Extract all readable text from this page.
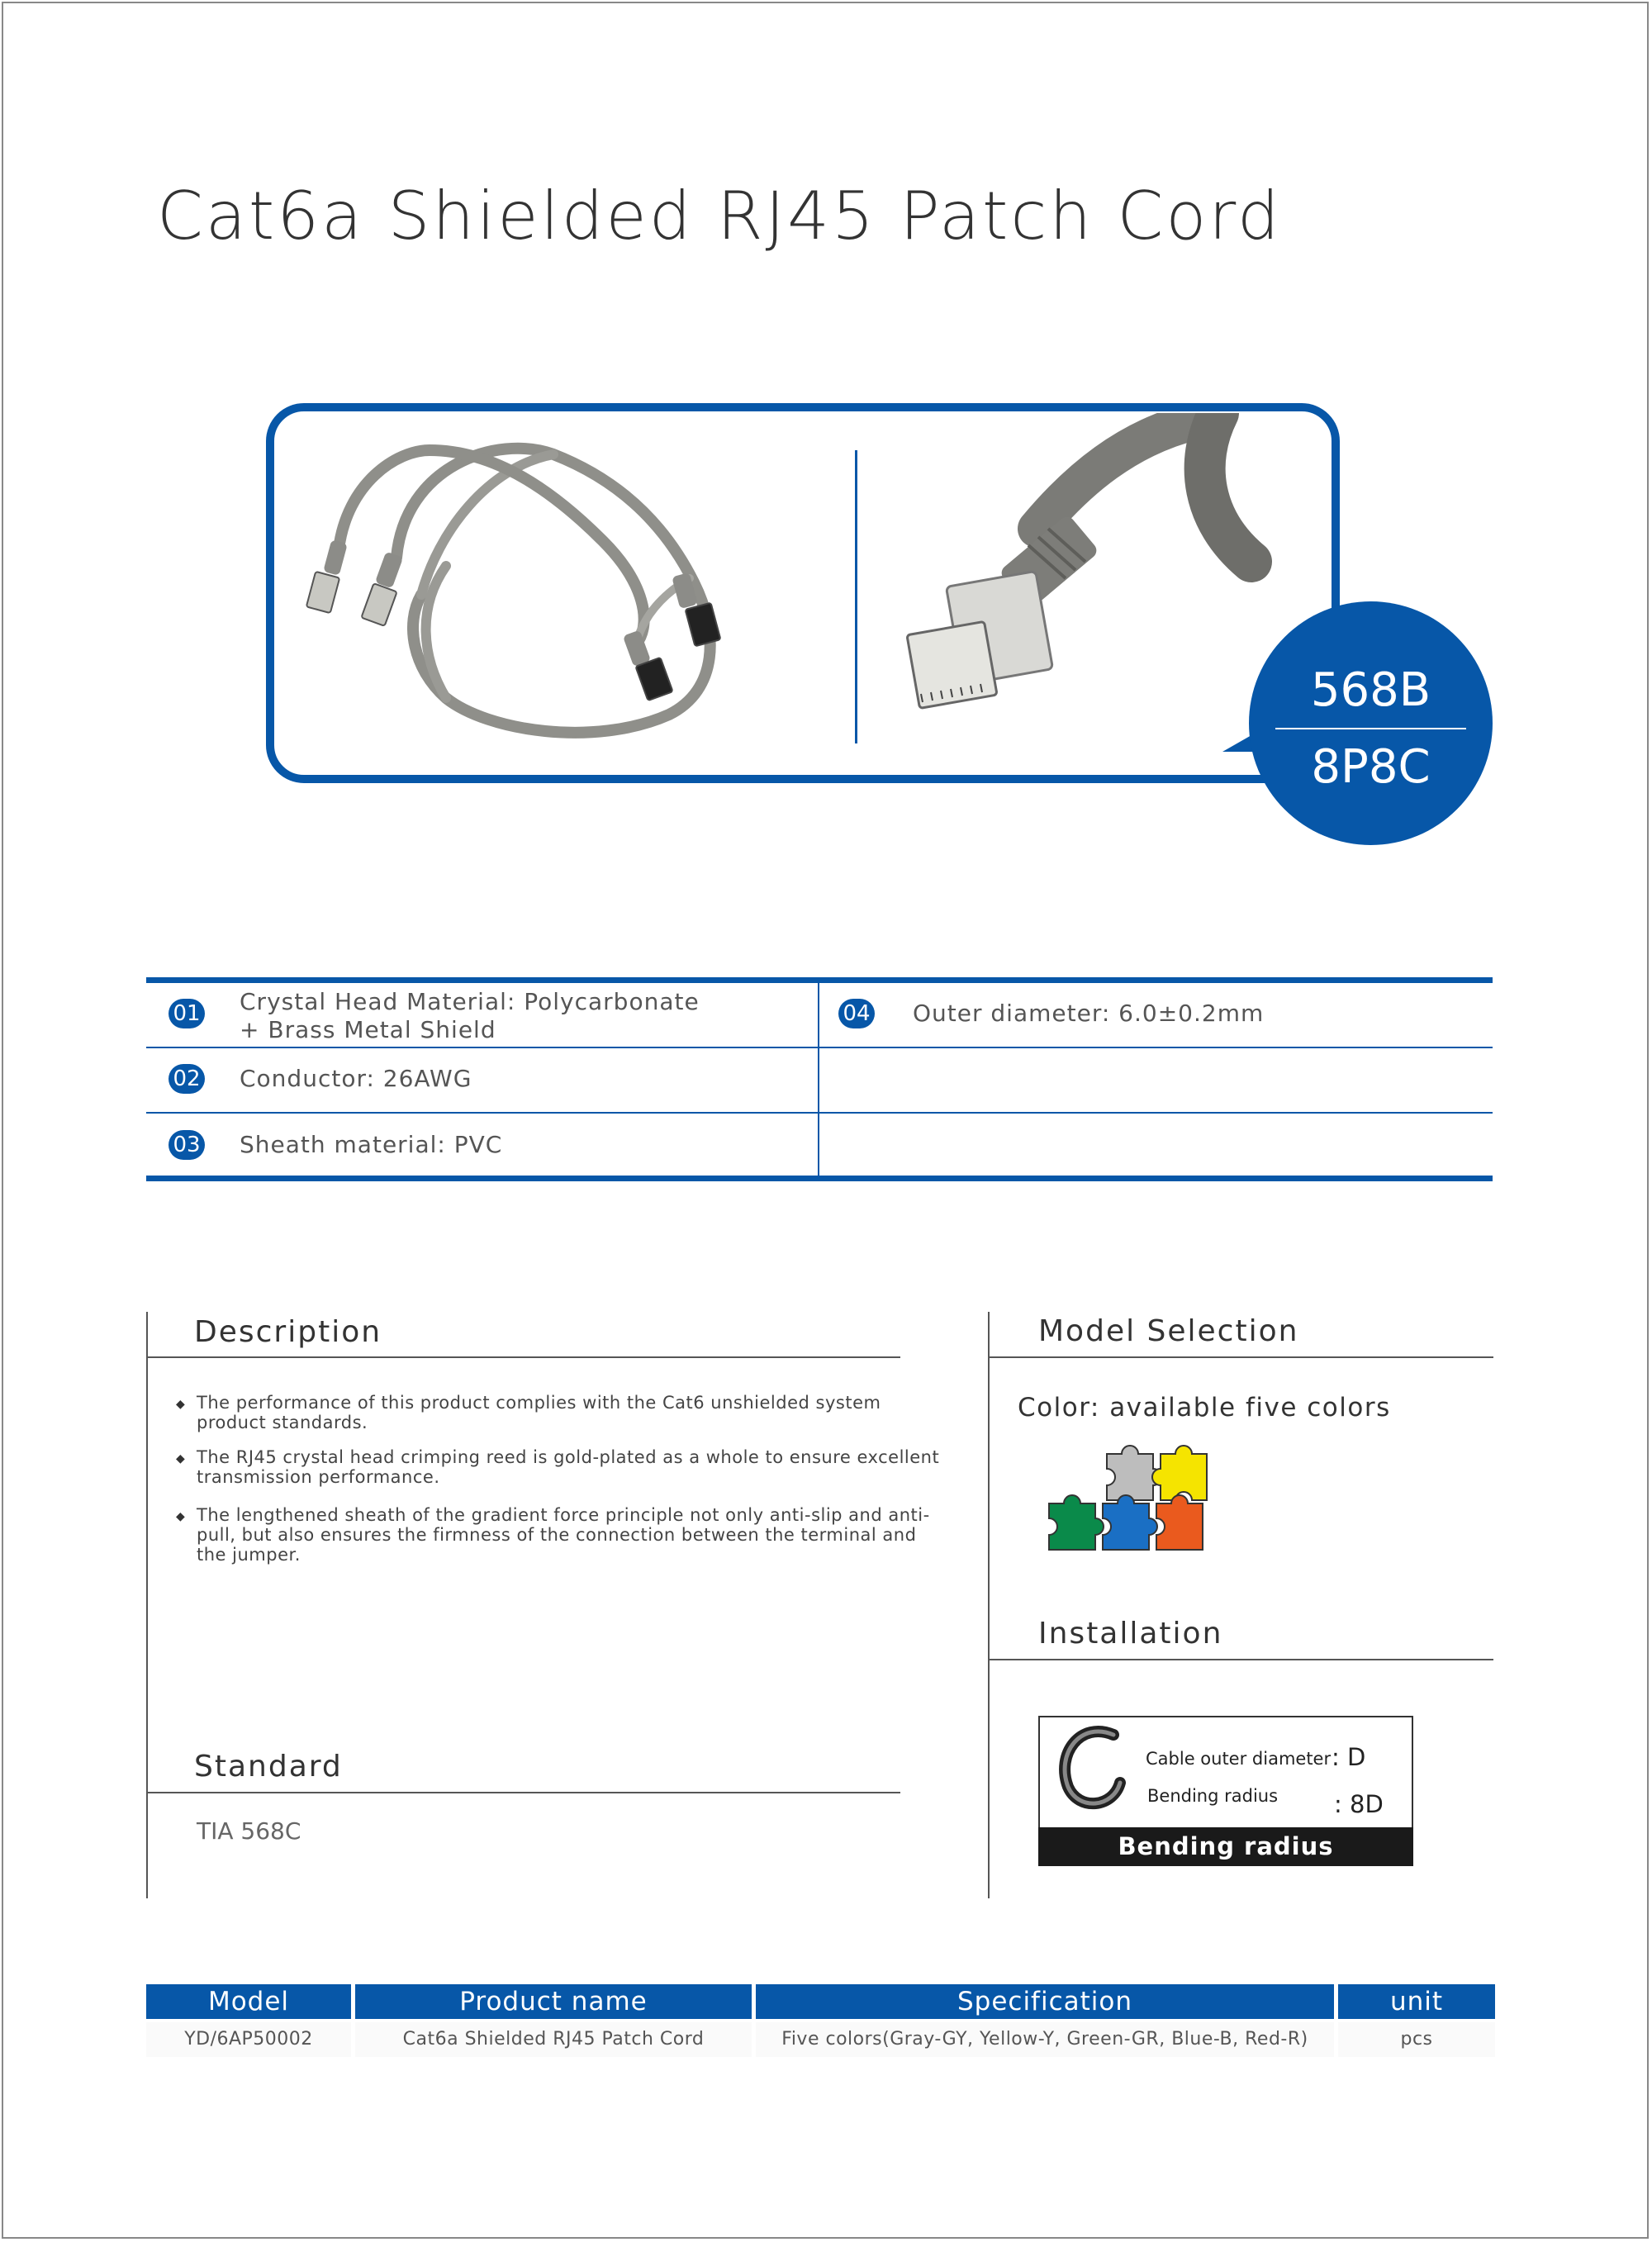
Cat6a Shielded RJ45 Patch Cord
568B
8P8C
01 Crystal Head Material: Polycarbonate
+ Brass Metal Shield
02 Conductor: 26AWG
03 Sheath material: PVC
04 Outer diameter: 6.0±0.2mm
Description
◆ The performance of this product complies with the Cat6 unshielded system product standards.
◆ The RJ45 crystal head crimping reed is gold-plated as a whole to ensure excellent transmission performance.
◆ The lengthened sheath of the gradient force principle not only anti-slip and anti-pull, but also ensures the firmness of the connection between the terminal and the jumper.
Standard
TIA 568C
Model Selection
Color: available five colors
Installation
Cable outer diameter : D
Bending radius : 8D
Bending radius
Model	Product name	Specification	unit
YD/6AP50002	Cat6a Shielded RJ45 Patch Cord	Five colors(Gray-GY, Yellow-Y, Green-GR, Blue-B, Red-R)	pcs
